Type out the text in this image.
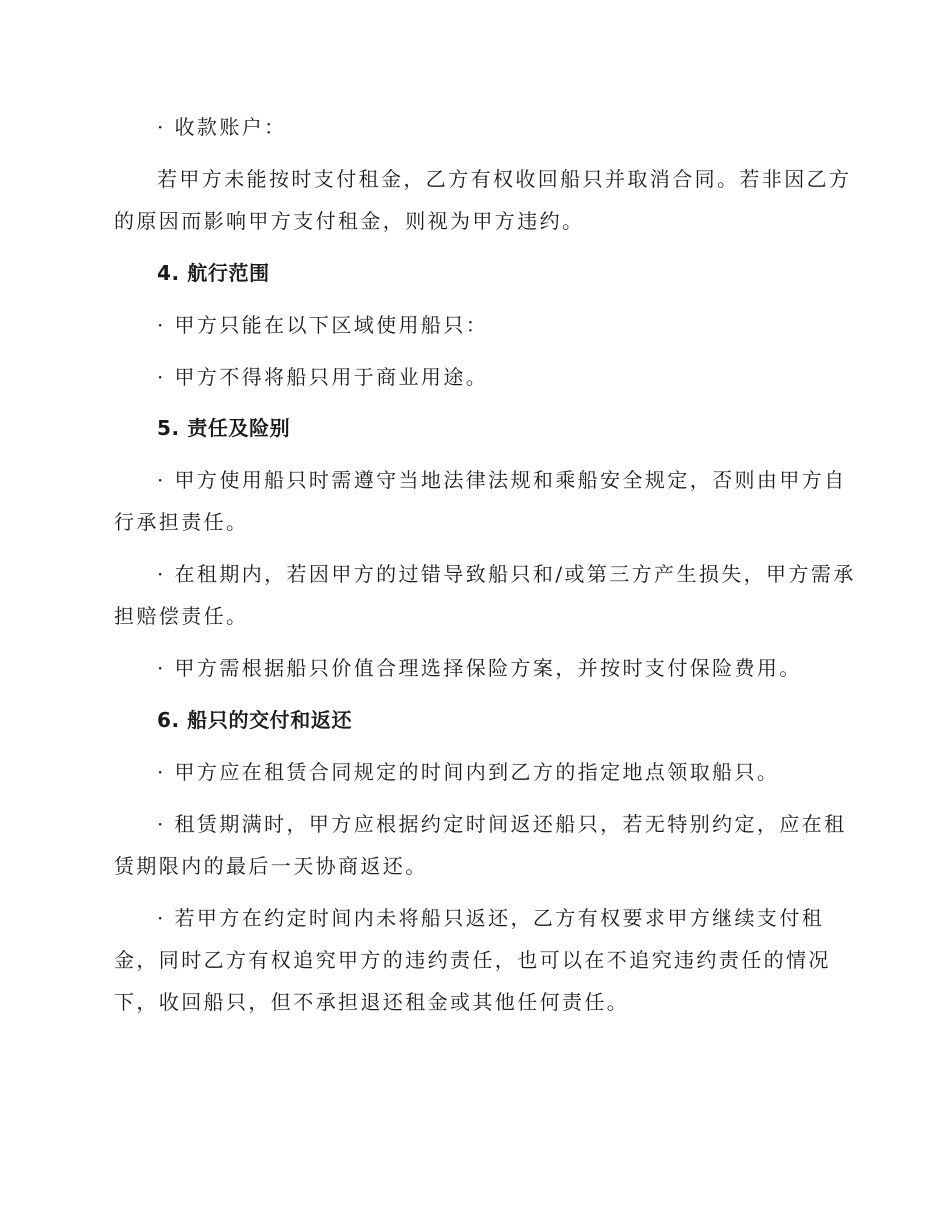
· 收款账户：
若甲方未能按时支付租金，乙方有权收回船只并取消合同。若非因乙方
的原因而影响甲方支付租金，则视为甲方违约。
4. 航行范围
· 甲方只能在以下区域使用船只：
· 甲方不得将船只用于商业用途。
5. 责任及险别
· 甲方使用船只时需遵守当地法律法规和乘船安全规定，否则由甲方自
行承担责任。
· 在租期内，若因甲方的过错导致船只和/或第三方产生损失，甲方需承
担赔偿责任。
· 甲方需根据船只价值合理选择保险方案，并按时支付保险费用。
6. 船只的交付和返还
· 甲方应在租赁合同规定的时间内到乙方的指定地点领取船只。
· 租赁期满时，甲方应根据约定时间返还船只，若无特别约定，应在租
赁期限内的最后一天协商返还。
· 若甲方在约定时间内未将船只返还，乙方有权要求甲方继续支付租
金，同时乙方有权追究甲方的违约责任，也可以在不追究违约责任的情况
下，收回船只，但不承担退还租金或其他任何责任。
